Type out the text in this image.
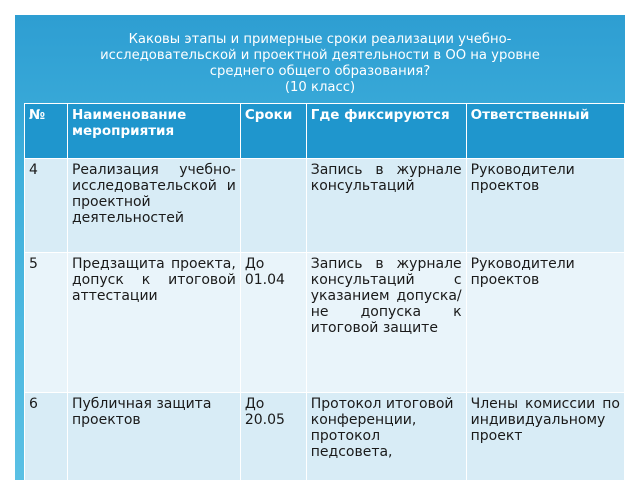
Каковы этапы и примерные сроки реализации учебно-
исследовательской и проектной деятельности в ОО на уровне
среднего общего образования?
(10 класс)
№	Наименование мероприятия	Сроки	Где фиксируются	Ответственный
4	Реализация учебно-исследовательской и проектной деятельностей		Запись в журнале консультаций	Руководители проектов
5	Предзащита проекта, допуск к итоговой аттестации	До 01.04	Запись в журнале консультаций с указанием допуска/ не допуска к итоговой защите	Руководители проектов
6	Публичная защита проектов	До 20.05	Протокол итоговой конференции, протокол педсовета,	Члены комиссии по индивидуальному проект
